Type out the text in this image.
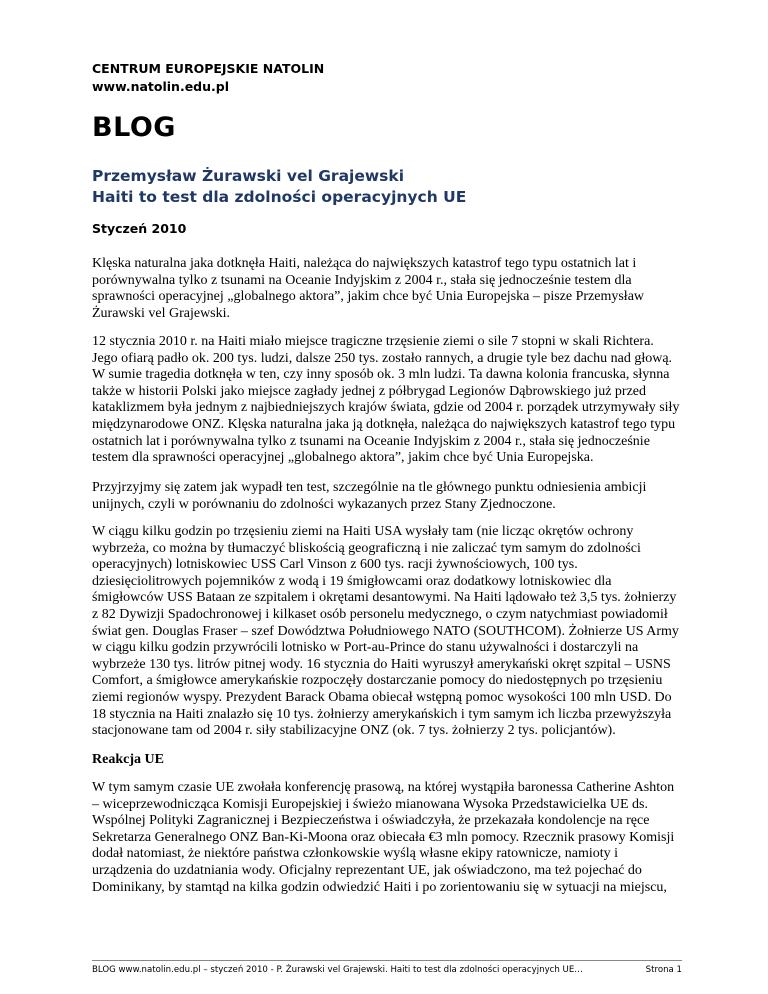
CENTRUM EUROPEJSKIE NATOLIN
www.natolin.edu.pl
BLOG
Przemysław Żurawski vel Grajewski
Haiti to test dla zdolności operacyjnych UE
Styczeń 2010

Klęska naturalna jaka dotknęła Haiti, należąca do największych katastrof tego typu ostatnich lat i porównywalna tylko z tsunami na Oceanie Indyjskim z 2004 r., stała się jednocześnie testem dla sprawności operacyjnej „globalnego aktora”, jakim chce być Unia Europejska – pisze Przemysław Żurawski vel Grajewski.

12 stycznia 2010 r. na Haiti miało miejsce tragiczne trzęsienie ziemi o sile 7 stopni w skali Richtera. Jego ofiarą padło ok. 200 tys. ludzi, dalsze 250 tys. zostało rannych, a drugie tyle bez dachu nad głową. W sumie tragedia dotknęła w ten, czy inny sposób ok. 3 mln ludzi. Ta dawna kolonia francuska, słynna także w historii Polski jako miejsce zagłady jednej z półbrygad Legionów Dąbrowskiego już przed kataklizmem była jednym z najbiedniejszych krajów świata, gdzie od 2004 r. porządek utrzymywały siły międzynarodowe ONZ. Klęska naturalna jaka ją dotknęła, należąca do największych katastrof tego typu ostatnich lat i porównywalna tylko z tsunami na Oceanie Indyjskim z 2004 r., stała się jednocześnie testem dla sprawności operacyjnej „globalnego aktora”, jakim chce być Unia Europejska.

Przyjrzyjmy się zatem jak wypadł ten test, szczególnie na tle głównego punktu odniesienia ambicji unijnych, czyli w porównaniu do zdolności wykazanych przez Stany Zjednoczone.

W ciągu kilku godzin po trzęsieniu ziemi na Haiti USA wysłały tam (nie licząc okrętów ochrony wybrzeża, co można by tłumaczyć bliskością geograficzną i nie zaliczać tym samym do zdolności operacyjnych) lotniskowiec USS Carl Vinson z 600 tys. racji żywnościowych, 100 tys. dziesięciolitrowych pojemników z wodą i 19 śmigłowcami oraz dodatkowy lotniskowiec dla śmigłowców USS Bataan ze szpitalem i okrętami desantowymi. Na Haiti lądowało też 3,5 tys. żołnierzy z 82 Dywizji Spadochronowej i kilkaset osób personelu medycznego, o czym natychmiast powiadomił świat gen. Douglas Fraser – szef Dowództwa Południowego NATO (SOUTHCOM). Żołnierze US Army w ciągu kilku godzin przywrócili lotnisko w Port-au-Prince do stanu używalności i dostarczyli na wybrzeże 130 tys. litrów pitnej wody. 16 stycznia do Haiti wyruszył amerykański okręt szpital – USNS Comfort, a śmigłowce amerykańskie rozpoczęły dostarczanie pomocy do niedostępnych po trzęsieniu ziemi regionów wyspy. Prezydent Barack Obama obiecał wstępną pomoc wysokości 100 mln USD. Do 18 stycznia na Haiti znalazło się 10 tys. żołnierzy amerykańskich i tym samym ich liczba przewyższyła stacjonowane tam od 2004 r. siły stabilizacyjne ONZ (ok. 7 tys. żołnierzy 2 tys. policjantów).

Reakcja UE

W tym samym czasie UE zwołała konferencję prasową, na której wystąpiła baronessa Catherine Ashton – wiceprzewodnicząca Komisji Europejskiej i świeżo mianowana Wysoka Przedstawicielka UE ds. Wspólnej Polityki Zagranicznej i Bezpieczeństwa i oświadczyła, że przekazała kondolencje na ręce Sekretarza Generalnego ONZ Ban-Ki-Moona oraz obiecała €3 mln pomocy. Rzecznik prasowy Komisji dodał natomiast, że niektóre państwa członkowskie wyślą własne ekipy ratownicze, namioty i urządzenia do uzdatniania wody. Oficjalny reprezentant UE, jak oświadczono, ma też pojechać do Dominikany, by stamtąd na kilka godzin odwiedzić Haiti i po zorientowaniu się w sytuacji na miejscu,

BLOG www.natolin.edu.pl – styczeń 2010 - P. Żurawski vel Grajewski. Haiti to test dla zdolności operacyjnych UE…	Strona 1
